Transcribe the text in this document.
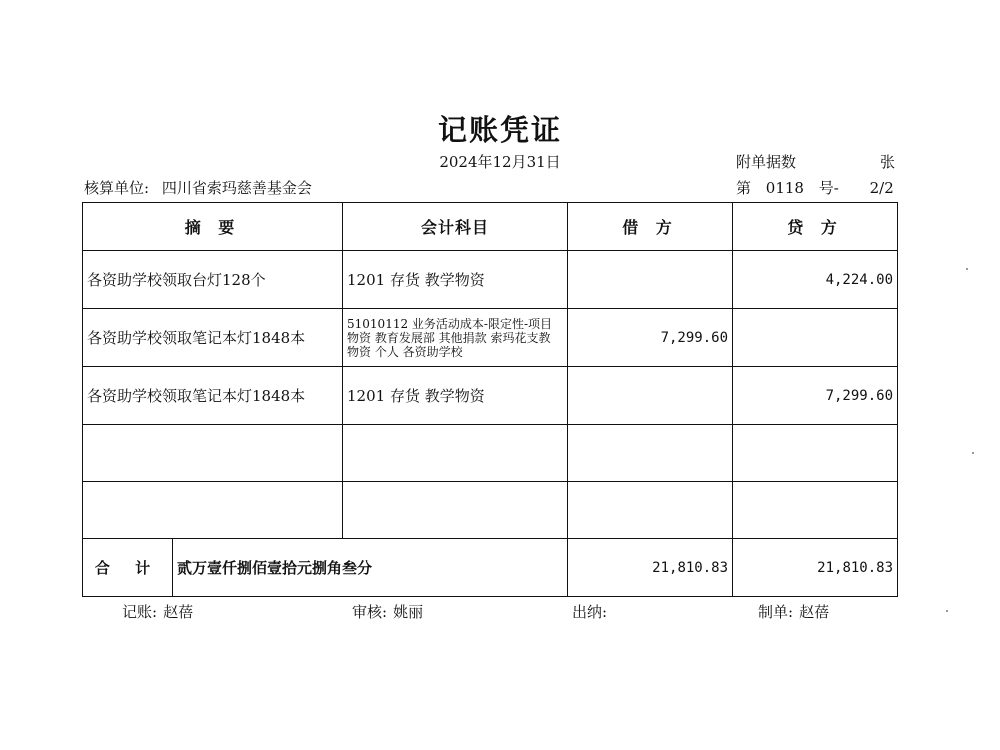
记账凭证
2024年12月31日	附单据数	张
核算单位: 四川省索玛慈善基金会	第 0118 号- 2/2
摘 要		会计科目	借 方	贷 方
各资助学校领取台灯128个		1201 存货 教学物资		4,224.00
各资助学校领取笔记本灯1848本		51010112 业务活动成本-限定性-项目物资 教育发展部 其他捐款 索玛花支教 物资 个人 各资助学校	7,299.60	
各资助学校领取笔记本灯1848本		1201 存货 教学物资		7,299.60

合 计	贰万壹仟捌佰壹拾元捌角叁分		21,810.83	21,810.83
记账: 赵蓓	审核: 姚丽	出纳:	制单: 赵蓓
